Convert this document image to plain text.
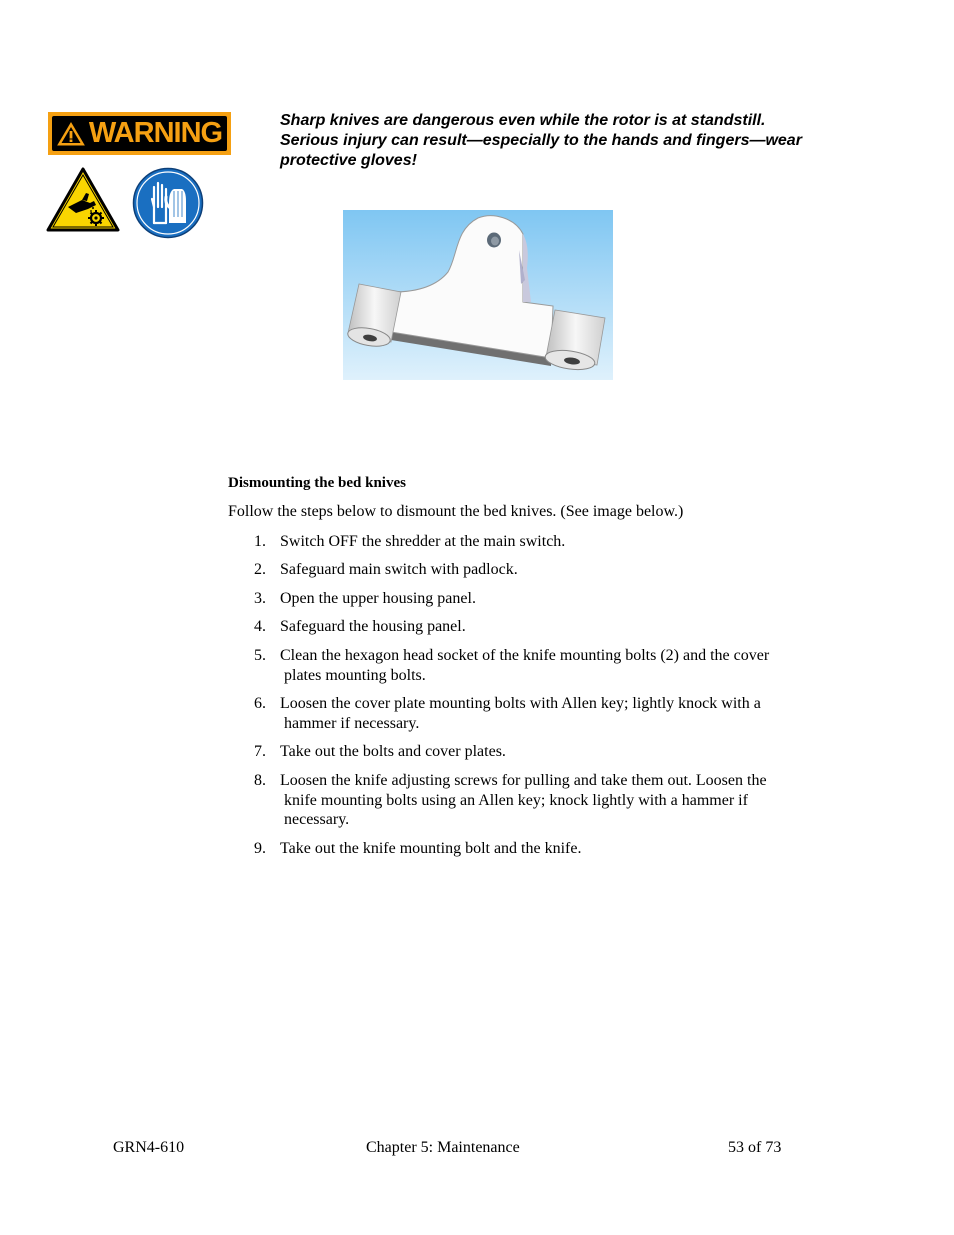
WARNING	Sharp knives are dangerous even while the rotor is at standstill.
Serious injury can result—especially to the hands and fingers—wear
protective gloves!
Dismounting the bed knives
Follow the steps below to dismount the bed knives. (See image below.)
1. Switch OFF the shredder at the main switch.
2. Safeguard main switch with padlock.
3. Open the upper housing panel.
4. Safeguard the housing panel.
5. Clean the hexagon head socket of the knife mounting bolts (2) and the cover
plates mounting bolts.
6. Loosen the cover plate mounting bolts with Allen key; lightly knock with a
hammer if necessary.
7. Take out the bolts and cover plates.
8. Loosen the knife adjusting screws for pulling and take them out. Loosen the
knife mounting bolts using an Allen key; knock lightly with a hammer if
necessary.
9. Take out the knife mounting bolt and the knife.
GRN4-610	Chapter 5: Maintenance	53 of 73
